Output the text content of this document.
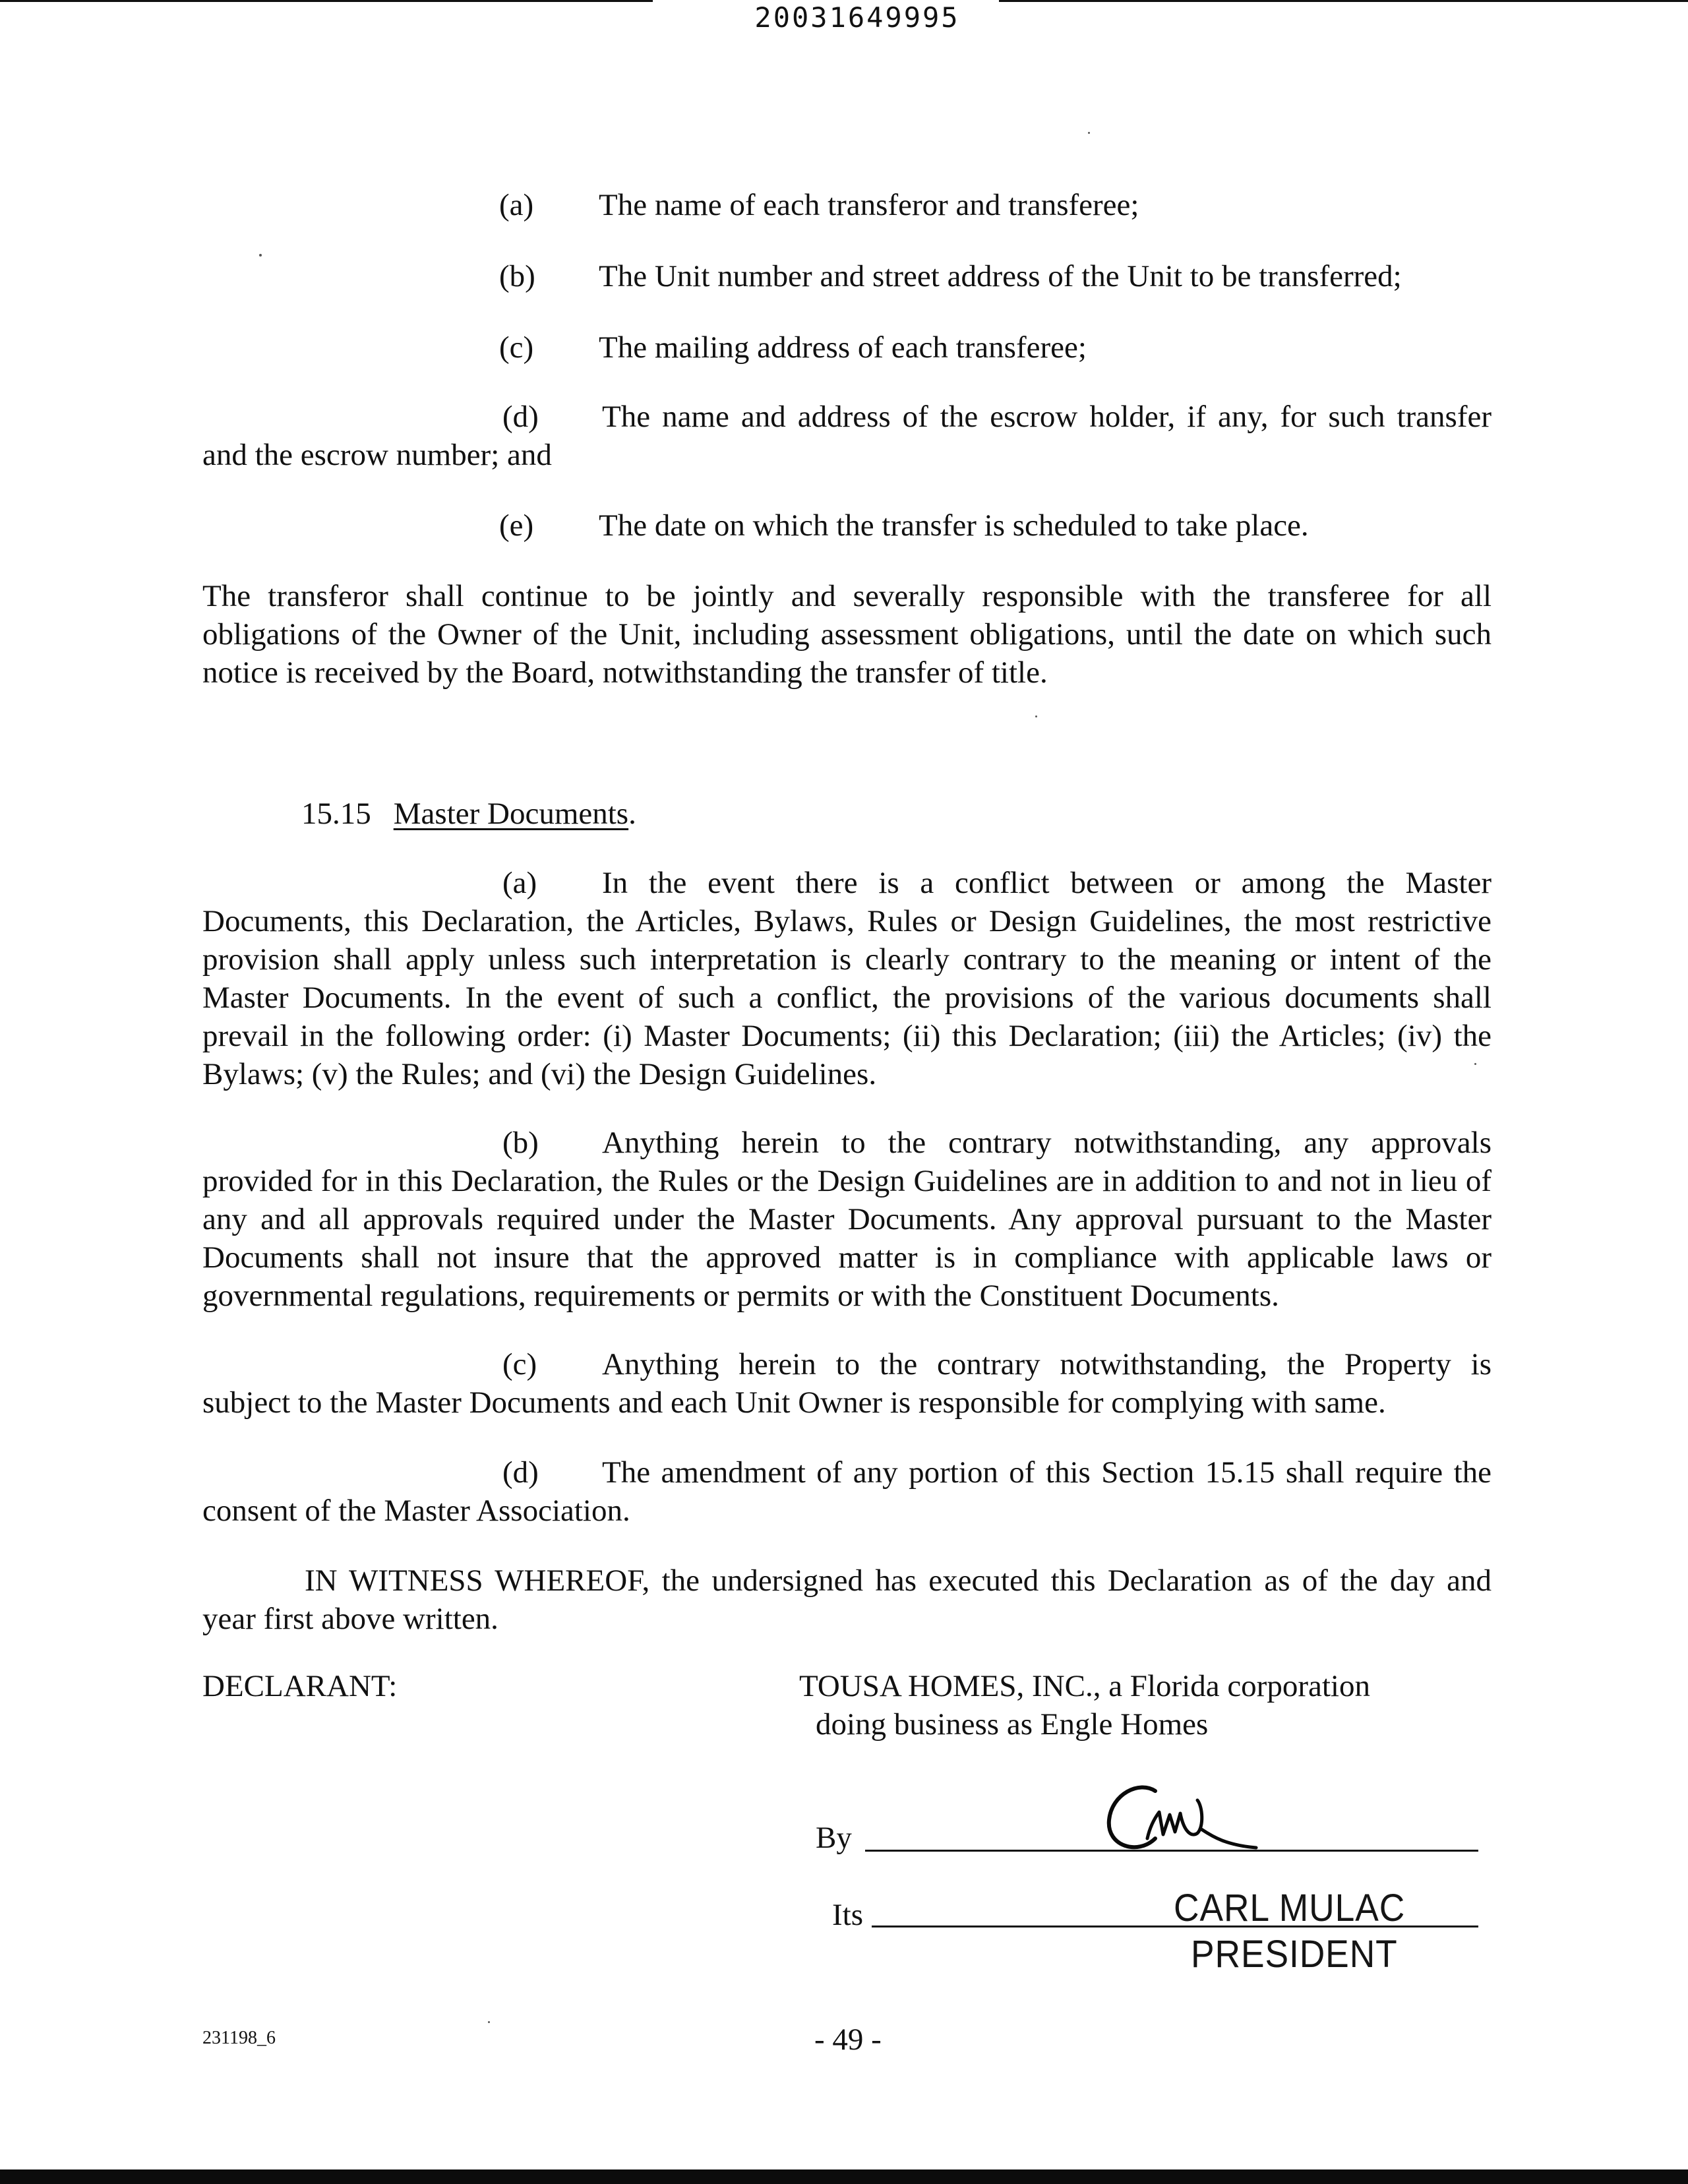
20031649995
(a) The name of each transferor and transferee;
(b) The Unit number and street address of the Unit to be transferred;
(c) The mailing address of each transferee;

(d) The name and address of the escrow holder, if any, for such transfer and the escrow number; and

(e) The date on which the transfer is scheduled to take place.

The transferor shall continue to be jointly and severally responsible with the transferee for all obligations of the Owner of the Unit, including assessment obligations, until the date on which such notice is received by the Board, notwithstanding the transfer of title.

15.15 Master Documents.

(a) In the event there is a conflict between or among the Master Documents, this Declaration, the Articles, Bylaws, Rules or Design Guidelines, the most restrictive provision shall apply unless such interpretation is clearly contrary to the meaning or intent of the Master Documents. In the event of such a conflict, the provisions of the various documents shall prevail in the following order: (i) Master Documents; (ii) this Declaration; (iii) the Articles; (iv) the Bylaws; (v) the Rules; and (vi) the Design Guidelines.

(b) Anything herein to the contrary notwithstanding, any approvals provided for in this Declaration, the Rules or the Design Guidelines are in addition to and not in lieu of any and all approvals required under the Master Documents. Any approval pursuant to the Master Documents shall not insure that the approved matter is in compliance with applicable laws or governmental regulations, requirements or permits or with the Constituent Documents.

(c) Anything herein to the contrary notwithstanding, the Property is subject to the Master Documents and each Unit Owner is responsible for complying with same.

(d) The amendment of any portion of this Section 15.15 shall require the consent of the Master Association.

IN WITNESS WHEREOF, the undersigned has executed this Declaration as of the day and year first above written.

DECLARANT:	TOUSA HOMES, INC., a Florida corporation
doing business as Engle Homes
By
Its	CARL MULAC
PRESIDENT
231198_6	- 49 -
